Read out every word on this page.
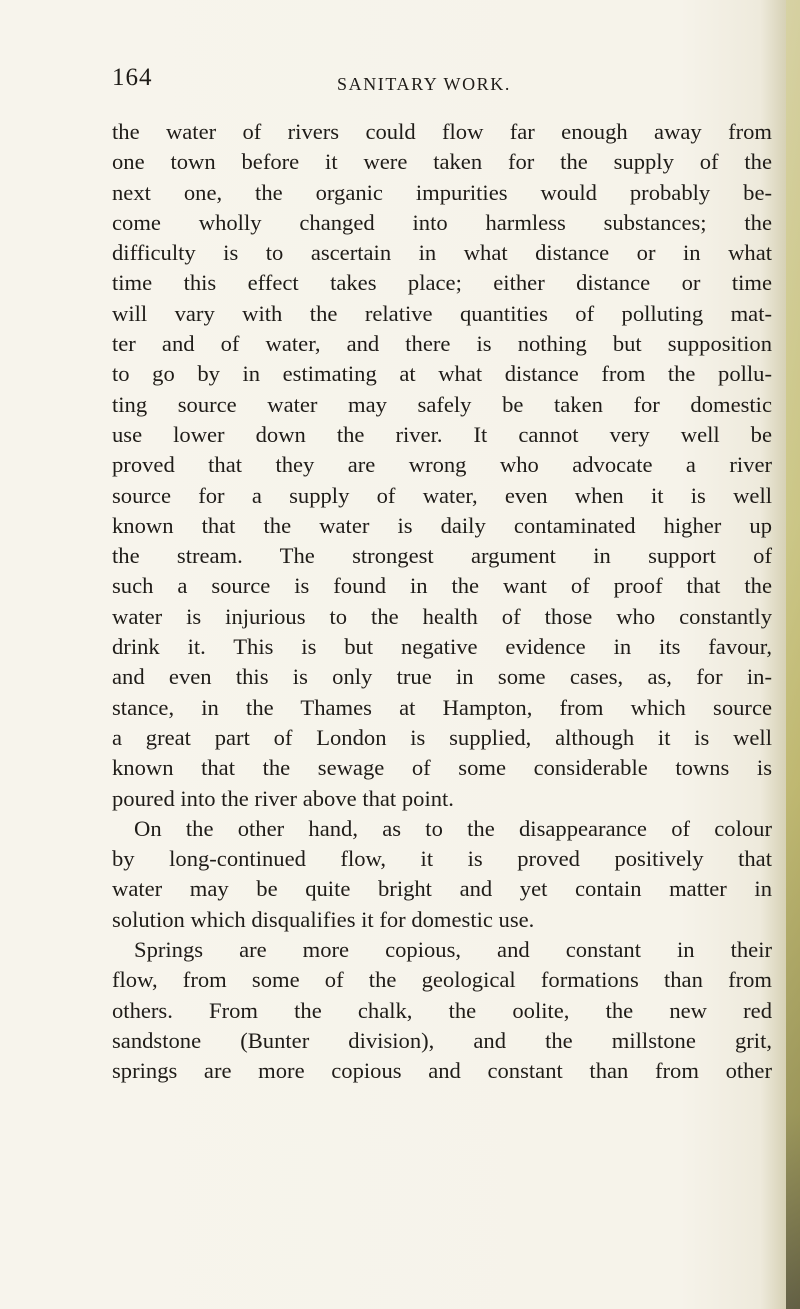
164	SANITARY WORK.
the water of rivers could flow far enough away from
one town before it were taken for the supply of the
next one, the organic impurities would probably be-
come wholly changed into harmless substances; the
difficulty is to ascertain in what distance or in what
time this effect takes place; either distance or time
will vary with the relative quantities of polluting mat-
ter and of water, and there is nothing but supposition
to go by in estimating at what distance from the pollu-
ting source water may safely be taken for domestic
use lower down the river. It cannot very well be
proved that they are wrong who advocate a river
source for a supply of water, even when it is well
known that the water is daily contaminated higher up
the stream. The strongest argument in support of
such a source is found in the want of proof that the
water is injurious to the health of those who constantly
drink it. This is but negative evidence in its favour,
and even this is only true in some cases, as, for in-
stance, in the Thames at Hampton, from which source
a great part of London is supplied, although it is well
known that the sewage of some considerable towns is
poured into the river above that point.
On the other hand, as to the disappearance of colour
by long-continued flow, it is proved positively that
water may be quite bright and yet contain matter in
solution which disqualifies it for domestic use.
Springs are more copious, and constant in their
flow, from some of the geological formations than from
others. From the chalk, the oolite, the new red
sandstone (Bunter division), and the millstone grit,
springs are more copious and constant than from other
